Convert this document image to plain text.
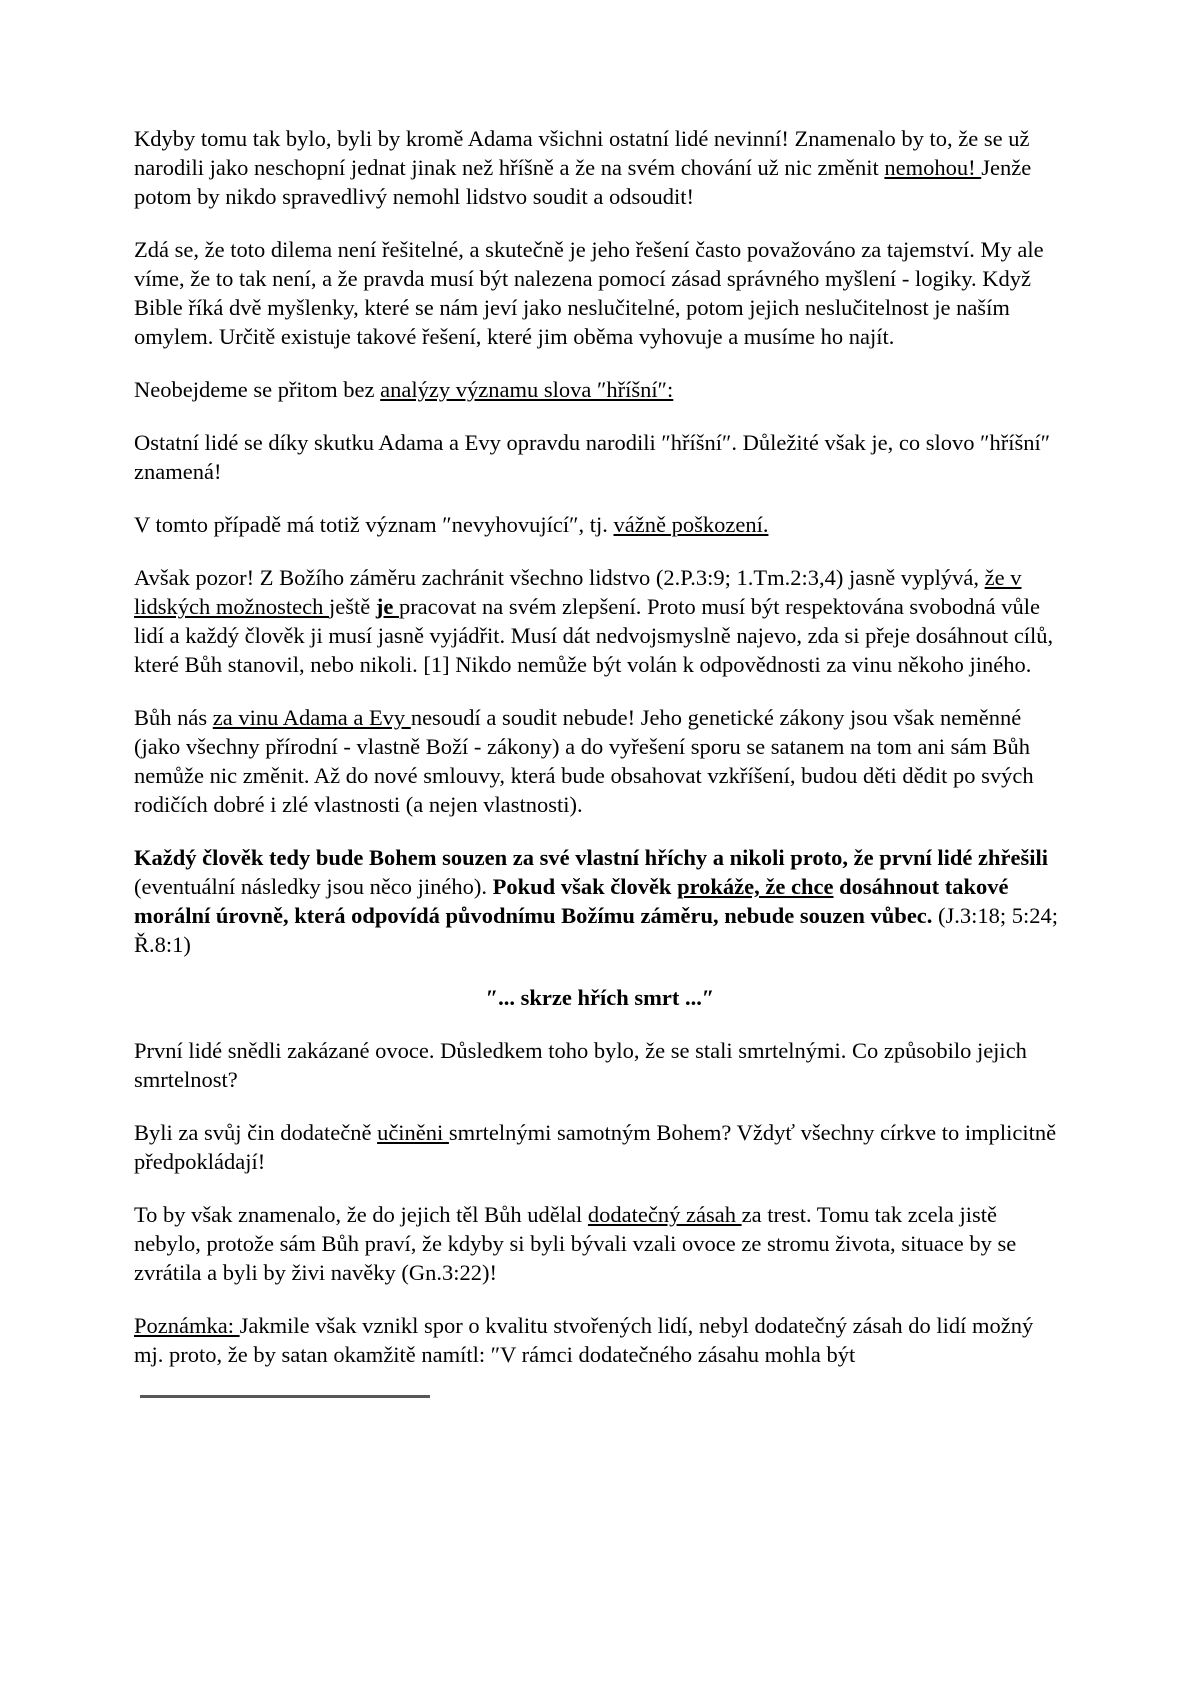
Kdyby tomu tak bylo, byli by kromě Adama všichni ostatní lidé nevinní! Znamenalo by to, že se už narodili jako neschopní jednat jinak než hříšně a že na svém chování už nic změnit nemohou! Jenže potom by nikdo spravedlivý nemohl lidstvo soudit a odsoudit!

Zdá se, že toto dilema není řešitelné, a skutečně je jeho řešení často považováno za tajemství. My ale víme, že to tak není, a že pravda musí být nalezena pomocí zásad správného myšlení - logiky. Když Bible říká dvě myšlenky, které se nám jeví jako neslučitelné, potom jejich neslučitelnost je naším omylem. Určitě existuje takové řešení, které jim oběma vyhovuje a musíme ho najít.

Neobejdeme se přitom bez analýzy významu slova ″hříšní″:

Ostatní lidé se díky skutku Adama a Evy opravdu narodili ″hříšní″. Důležité však je, co slovo ″hříšní″ znamená!

V tomto případě má totiž význam ″nevyhovující″, tj. vážně poškození.

Avšak pozor! Z Božího záměru zachránit všechno lidstvo (2.P.3:9; 1.Tm.2:3,4) jasně vyplývá, že v lidských možnostech ještě je pracovat na svém zlepšení. Proto musí být respektována svobodná vůle lidí a každý člověk ji musí jasně vyjádřit. Musí dát nedvojsmyslně najevo, zda si přeje dosáhnout cílů, které Bůh stanovil, nebo nikoli. [1] Nikdo nemůže být volán k odpovědnosti za vinu někoho jiného.

Bůh nás za vinu Adama a Evy nesoudí a soudit nebude! Jeho genetické zákony jsou však neměnné (jako všechny přírodní - vlastně Boží - zákony) a do vyřešení sporu se satanem na tom ani sám Bůh nemůže nic změnit. Až do nové smlouvy, která bude obsahovat vzkříšení, budou děti dědit po svých rodičích dobré i zlé vlastnosti (a nejen vlastnosti).

Každý člověk tedy bude Bohem souzen za své vlastní hříchy a nikoli proto, že první lidé zhřešili (eventuální následky jsou něco jiného). Pokud však člověk prokáže, že chce dosáhnout takové morální úrovně, která odpovídá původnímu Božímu záměru, nebude souzen vůbec. (J.3:18; 5:24; Ř.8:1)

″... skrze hřích smrt ...″

První lidé snědli zakázané ovoce. Důsledkem toho bylo, že se stali smrtelnými. Co způsobilo jejich smrtelnost?

Byli za svůj čin dodatečně učiněni smrtelnými samotným Bohem? Vždyť všechny církve to implicitně předpokládají!

To by však znamenalo, že do jejich těl Bůh udělal dodatečný zásah za trest. Tomu tak zcela jistě nebylo, protože sám Bůh praví, že kdyby si byli bývali vzali ovoce ze stromu života, situace by se zvrátila a byli by živi navěky (Gn.3:22)!

Poznámka: Jakmile však vznikl spor o kvalitu stvořených lidí, nebyl dodatečný zásah do lidí možný mj. proto, že by satan okamžitě namítl: ″V rámci dodatečného zásahu mohla být
